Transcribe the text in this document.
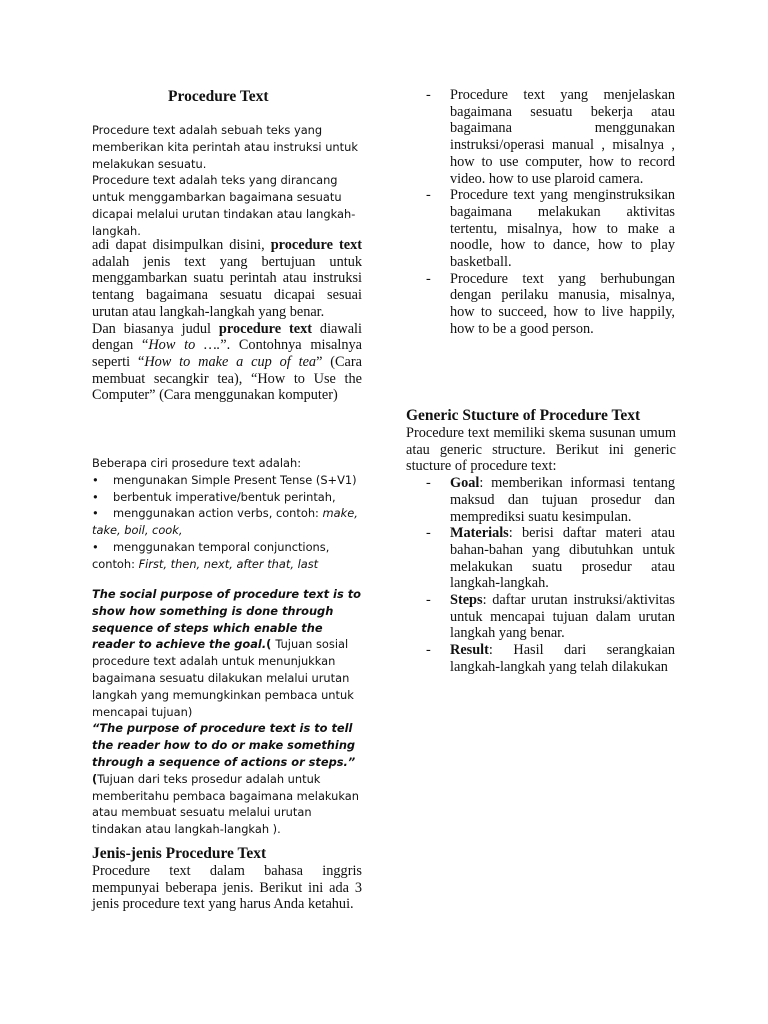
Procedure Text

Procedure text adalah sebuah teks yang memberikan kita perintah atau instruksi untuk melakukan sesuatu.

Procedure text adalah teks yang dirancang untuk menggambarkan bagaimana sesuatu dicapai melalui urutan tindakan atau langkah-langkah.

adi dapat disimpulkan disini, procedure text adalah jenis text yang bertujuan untuk menggambarkan suatu perintah atau instruksi tentang bagaimana sesuatu dicapai sesuai urutan atau langkah-langkah yang benar.

Dan biasanya judul procedure text diawali dengan “How to ….”. Contohnya misalnya seperti “How to make a cup of tea” (Cara membuat secangkir tea), “How to Use the Computer” (Cara menggunakan komputer)

Beberapa ciri prosedure text adalah:

•	mengunakan Simple Present Tense (S+V1)
•	berbentuk imperative/bentuk perintah,

• menggunakan action verbs, contoh: make, take, boil, cook,

• menggunakan temporal conjunctions, contoh: First, then, next, after that, last

The social purpose of procedure text is to show how something is done through sequence of steps which enable the reader to achieve the goal.( Tujuan sosial procedure text adalah untuk menunjukkan bagaimana sesuatu dilakukan melalui urutan langkah yang memungkinkan pembaca untuk mencapai tujuan)

“The purpose of procedure text is to tell the reader how to do or make something through a sequence of actions or steps.”
(Tujuan dari teks prosedur adalah untuk memberitahu pembaca bagaimana melakukan atau membuat sesuatu melalui urutan tindakan atau langkah-langkah ).

Jenis-jenis Procedure Text

Procedure text dalam bahasa inggris mempunyai beberapa jenis. Berikut ini ada 3 jenis procedure text yang harus Anda ketahui.

-	Procedure text yang menjelaskan bagaimana sesuatu bekerja atau bagaimana menggunakan instruksi/operasi manual , misalnya , how to use computer, how to record video. how to use plaroid camera.
-	Procedure text yang menginstruksikan bagaimana melakukan aktivitas tertentu, misalnya, how to make a noodle, how to dance, how to play basketball.
-	Procedure text yang berhubungan dengan perilaku manusia, misalnya, how to succeed, how to live happily, how to be a good person.
Generic Stucture of Procedure Text

Procedure text memiliki skema susunan umum atau generic structure. Berikut ini generic stucture of procedure text:

-	Goal: memberikan informasi tentang maksud dan tujuan prosedur dan memprediksi suatu kesimpulan.
-	Materials: berisi daftar materi atau bahan-bahan yang dibutuhkan untuk melakukan suatu prosedur atau langkah-langkah.
-	Steps: daftar urutan instruksi/aktivitas untuk mencapai tujuan dalam urutan langkah yang benar.
-	Result: Hasil dari serangkaian langkah-langkah yang telah dilakukan
